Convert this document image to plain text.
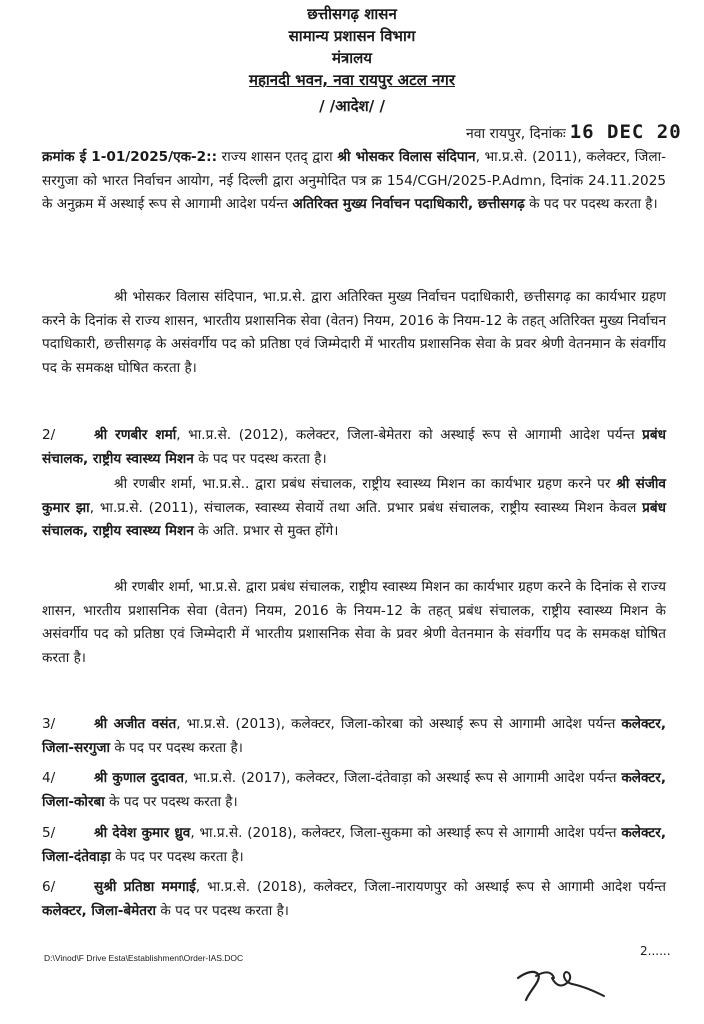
छत्तीसगढ़ शासन
सामान्य प्रशासन विभाग
मंत्रालय
महानदी भवन, नवा रायपुर अटल नगर
/ /आदेश/ /
नवा रायपुर, दिनांकः 16 DEC 20
क्रमांक ई 1-01/2025/एक-2:: राज्य शासन एतद् द्वारा श्री भोसकर विलास संदिपान, भा.प्र.से. (2011), कलेक्टर, जिला-सरगुजा को भारत निर्वाचन आयोग, नई दिल्ली द्वारा अनुमोदित पत्र क्र 154/CGH/2025-P.Admn, दिनांक 24.11.2025 के अनुक्रम में अस्थाई रूप से आगामी आदेश पर्यन्त अतिरिक्त मुख्य निर्वाचन पदाधिकारी, छत्तीसगढ़ के पद पर पदस्थ करता है।
श्री भोसकर विलास संदिपान, भा.प्र.से. द्वारा अतिरिक्त मुख्य निर्वाचन पदाधिकारी, छत्तीसगढ़ का कार्यभार ग्रहण करने के दिनांक से राज्य शासन, भारतीय प्रशासनिक सेवा (वेतन) नियम, 2016 के नियम-12 के तहत् अतिरिक्त मुख्य निर्वाचन पदाधिकारी, छत्तीसगढ़ के असंवर्गीय पद को प्रतिष्ठा एवं जिम्मेदारी में भारतीय प्रशासनिक सेवा के प्रवर श्रेणी वेतनमान के संवर्गीय पद के समकक्ष घोषित करता है।
2/	श्री रणबीर शर्मा, भा.प्र.से. (2012), कलेक्टर, जिला-बेमेतरा को अस्थाई रूप से आगामी आदेश पर्यन्त प्रबंध संचालक, राष्ट्रीय स्वास्थ्य मिशन के पद पर पदस्थ करता है।
श्री रणबीर शर्मा, भा.प्र.से.. द्वारा प्रबंध संचालक, राष्ट्रीय स्वास्थ्य मिशन का कार्यभार ग्रहण करने पर श्री संजीव कुमार झा, भा.प्र.से. (2011), संचालक, स्वास्थ्य सेवायें तथा अति. प्रभार प्रबंध संचालक, राष्ट्रीय स्वास्थ्य मिशन केवल प्रबंध संचालक, राष्ट्रीय स्वास्थ्य मिशन के अति. प्रभार से मुक्त होंगे।
श्री रणबीर शर्मा, भा.प्र.से. द्वारा प्रबंध संचालक, राष्ट्रीय स्वास्थ्य मिशन का कार्यभार ग्रहण करने के दिनांक से राज्य शासन, भारतीय प्रशासनिक सेवा (वेतन) नियम, 2016 के नियम-12 के तहत् प्रबंध संचालक, राष्ट्रीय स्वास्थ्य मिशन के असंवर्गीय पद को प्रतिष्ठा एवं जिम्मेदारी में भारतीय प्रशासनिक सेवा के प्रवर श्रेणी वेतनमान के संवर्गीय पद के समकक्ष घोषित करता है।
3/	श्री अजीत वसंत, भा.प्र.से. (2013), कलेक्टर, जिला-कोरबा को अस्थाई रूप से आगामी आदेश पर्यन्त कलेक्टर, जिला-सरगुजा के पद पर पदस्थ करता है।
4/	श्री कुणाल दुदावत, भा.प्र.से. (2017), कलेक्टर, जिला-दंतेवाड़ा को अस्थाई रूप से आगामी आदेश पर्यन्त कलेक्टर, जिला-कोरबा के पद पर पदस्थ करता है।
5/	श्री देवेश कुमार ध्रुव, भा.प्र.से. (2018), कलेक्टर, जिला-सुकमा को अस्थाई रूप से आगामी आदेश पर्यन्त कलेक्टर, जिला-दंतेवाड़ा के पद पर पदस्थ करता है।
6/	सुश्री प्रतिष्ठा ममगाई, भा.प्र.से. (2018), कलेक्टर, जिला-नारायणपुर को अस्थाई रूप से आगामी आदेश पर्यन्त कलेक्टर, जिला-बेमेतरा के पद पर पदस्थ करता है।
2......
D:\Vinod\F Drive Esta\Establishment\Order-IAS.DOC
